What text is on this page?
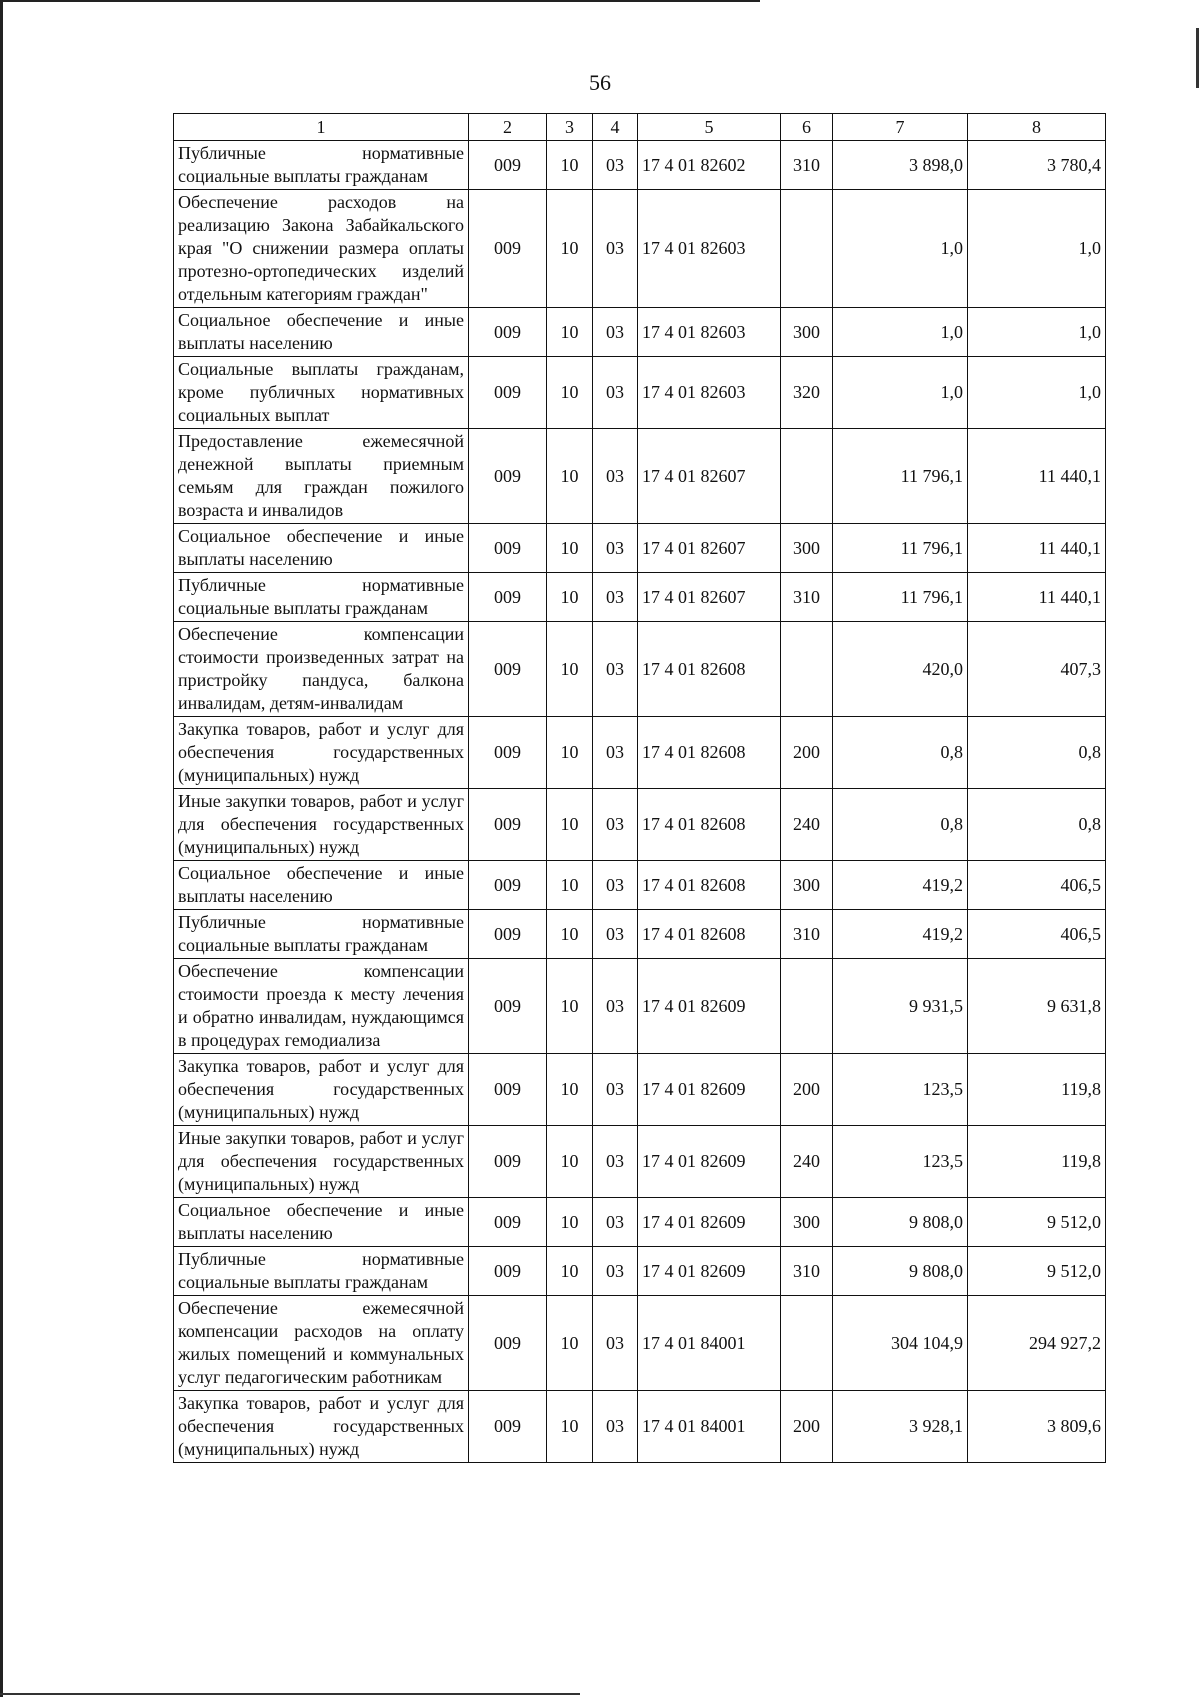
56
1	2	3	4	5	6	7	8
Публичные нормативные социальные выплаты гражданам	009	10	03	17 4 01 82602	310	3 898,0	3 780,4
Обеспечение расходов на реализацию Закона Забайкальского края "О снижении размера оплаты протезно-ортопедических изделий отдельным категориям граждан"	009	10	03	17 4 01 82603		1,0	1,0
Социальное обеспечение и иные выплаты населению	009	10	03	17 4 01 82603	300	1,0	1,0
Социальные выплаты гражданам, кроме публичных нормативных социальных выплат	009	10	03	17 4 01 82603	320	1,0	1,0
Предоставление ежемесячной денежной выплаты приемным семьям для граждан пожилого возраста и инвалидов	009	10	03	17 4 01 82607		11 796,1	11 440,1
Социальное обеспечение и иные выплаты населению	009	10	03	17 4 01 82607	300	11 796,1	11 440,1
Публичные нормативные социальные выплаты гражданам	009	10	03	17 4 01 82607	310	11 796,1	11 440,1
Обеспечение компенсации стоимости произведенных затрат на пристройку пандуса, балкона инвалидам, детям-инвалидам	009	10	03	17 4 01 82608		420,0	407,3
Закупка товаров, работ и услуг для обеспечения государственных (муниципальных) нужд	009	10	03	17 4 01 82608	200	0,8	0,8
Иные закупки товаров, работ и услуг для обеспечения государственных (муниципальных) нужд	009	10	03	17 4 01 82608	240	0,8	0,8
Социальное обеспечение и иные выплаты населению	009	10	03	17 4 01 82608	300	419,2	406,5
Публичные нормативные социальные выплаты гражданам	009	10	03	17 4 01 82608	310	419,2	406,5
Обеспечение компенсации стоимости проезда к месту лечения и обратно инвалидам, нуждающимся в процедурах гемодиализа	009	10	03	17 4 01 82609		9 931,5	9 631,8
Закупка товаров, работ и услуг для обеспечения государственных (муниципальных) нужд	009	10	03	17 4 01 82609	200	123,5	119,8
Иные закупки товаров, работ и услуг для обеспечения государственных (муниципальных) нужд	009	10	03	17 4 01 82609	240	123,5	119,8
Социальное обеспечение и иные выплаты населению	009	10	03	17 4 01 82609	300	9 808,0	9 512,0
Публичные нормативные социальные выплаты гражданам	009	10	03	17 4 01 82609	310	9 808,0	9 512,0
Обеспечение ежемесячной компенсации расходов на оплату жилых помещений и коммунальных услуг педагогическим работникам	009	10	03	17 4 01 84001		304 104,9	294 927,2
Закупка товаров, работ и услуг для обеспечения государственных (муниципальных) нужд	009	10	03	17 4 01 84001	200	3 928,1	3 809,6
